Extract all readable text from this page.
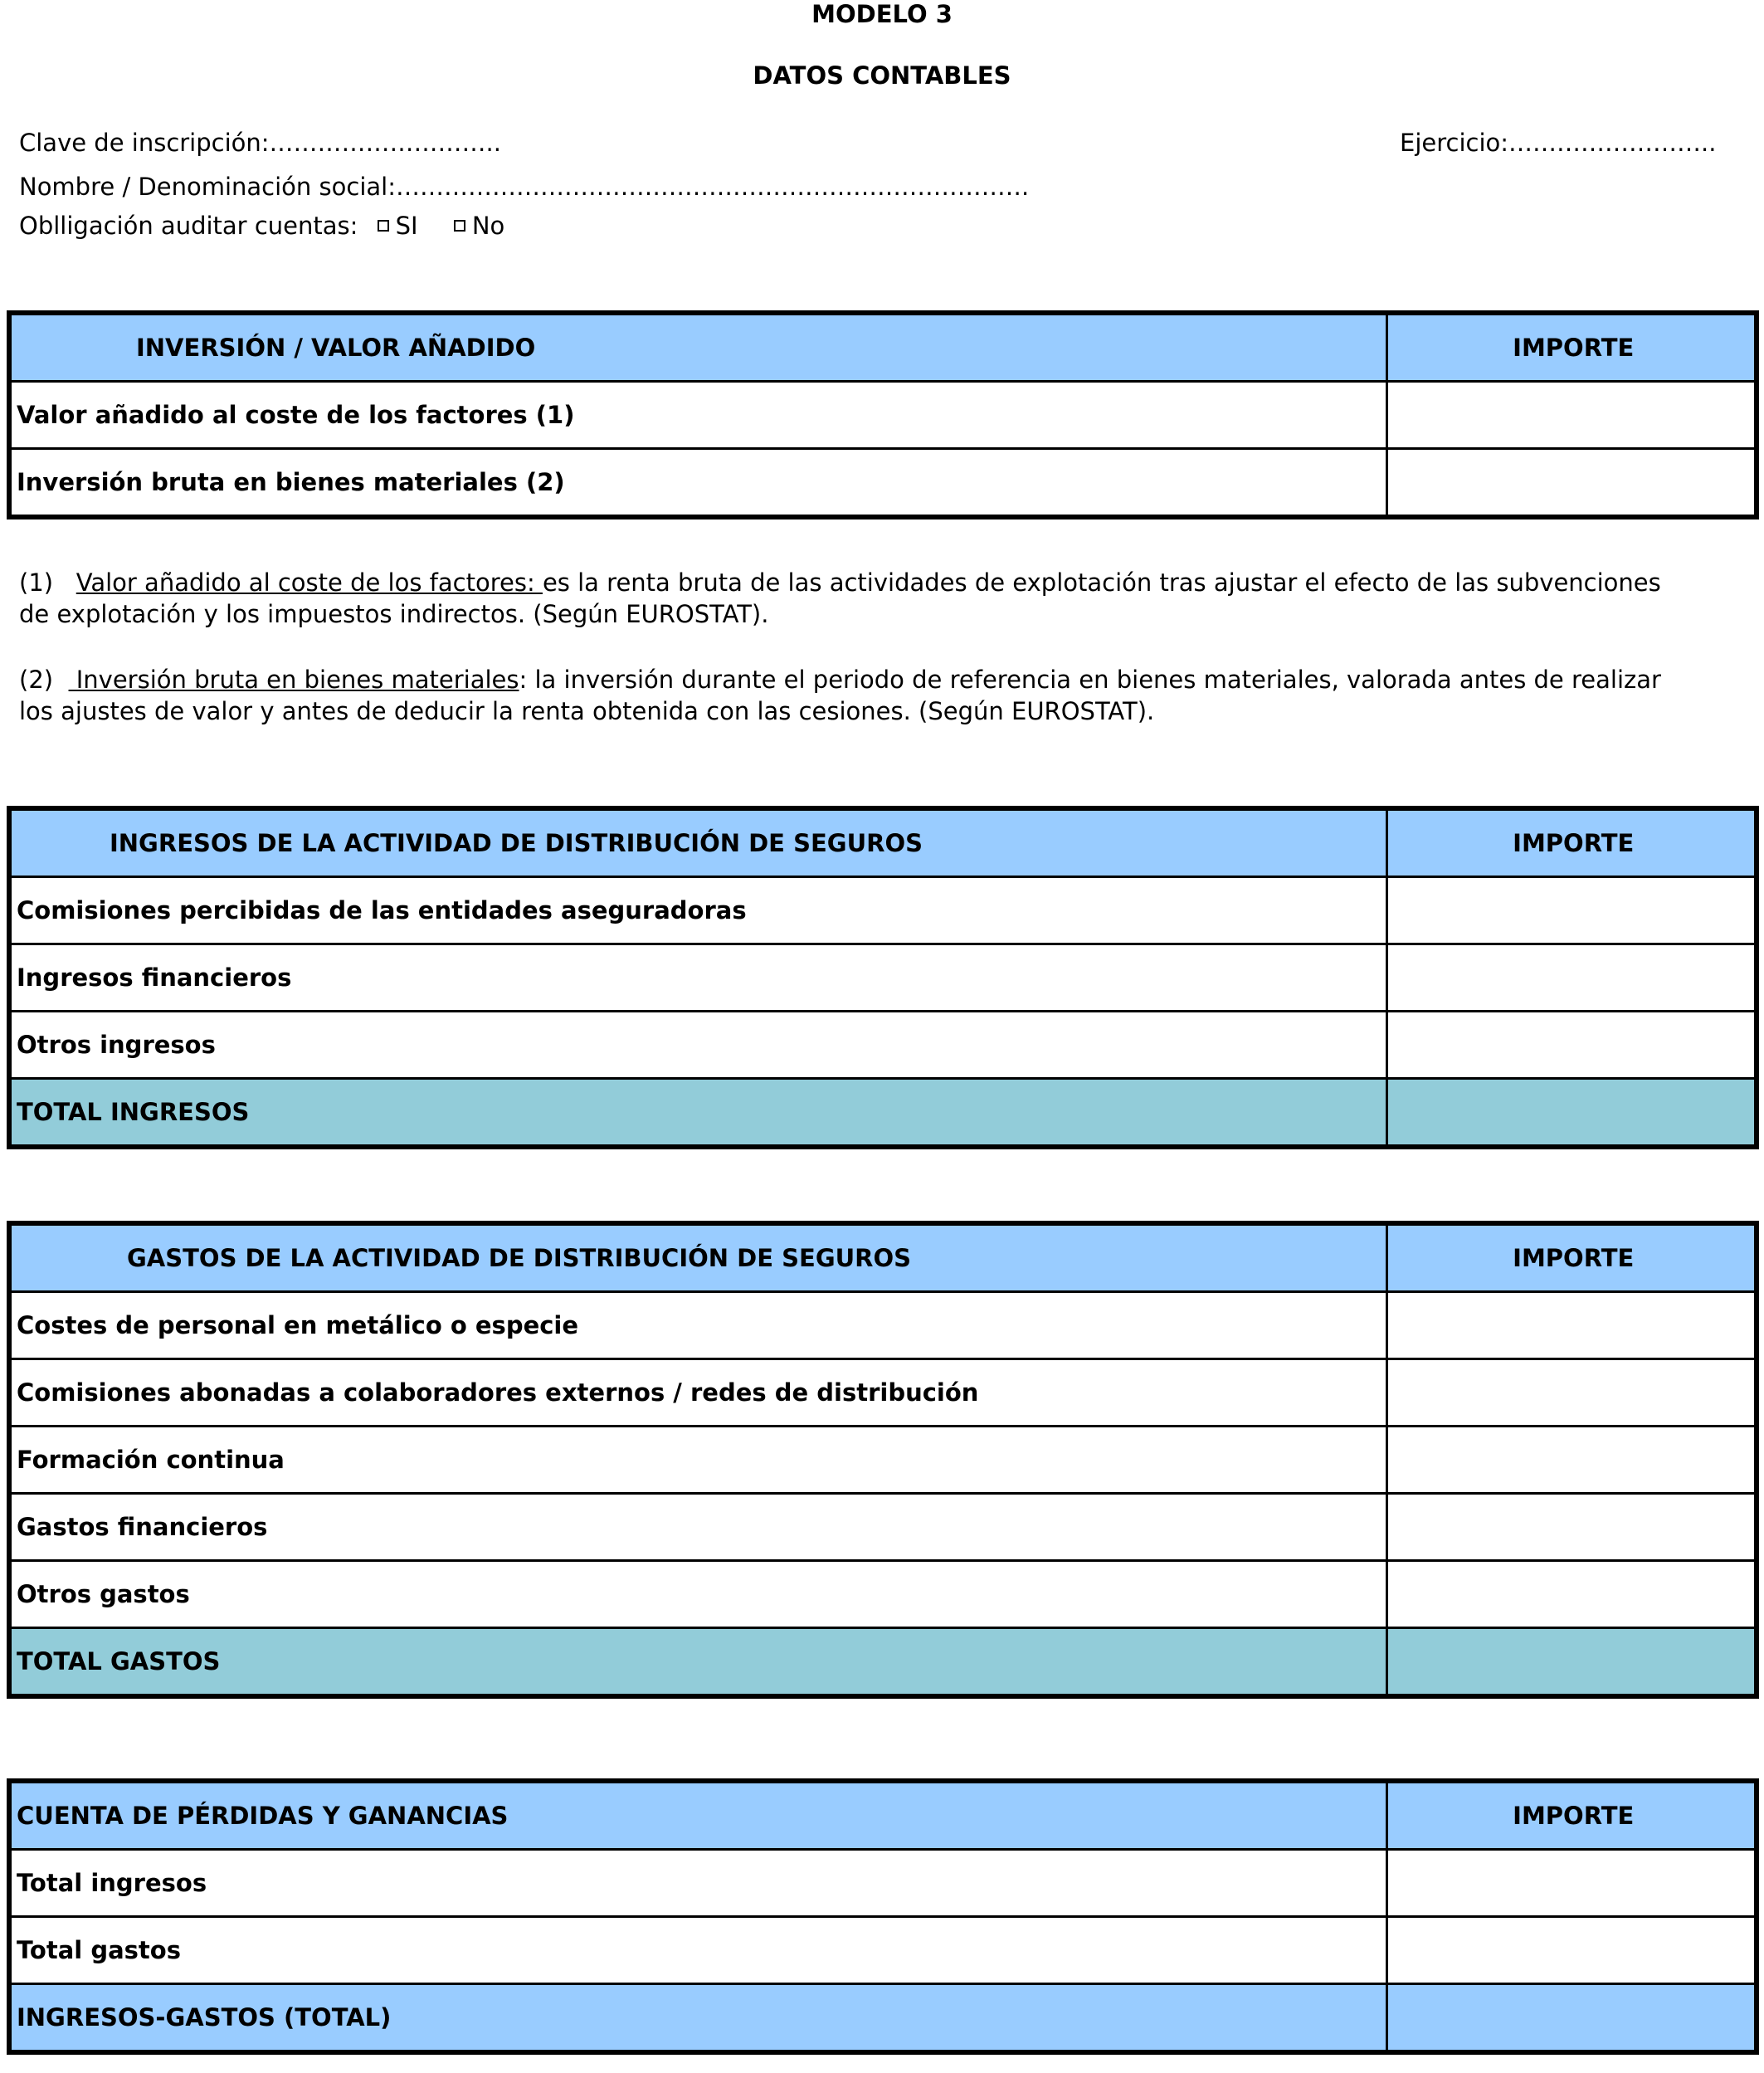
MODELO 3
DATOS CONTABLES
Clave de inscripción:………………………..	Ejercicio:……………………..
Nombre / Denominación social:…………………………………………………………………….
Oblligación auditar cuentas: SI No
INVERSIÓN / VALOR AÑADIDO	IMPORTE
Valor añadido al coste de los factores (1)	
Inversión bruta en bienes materiales (2)	
(1) Valor añadido al coste de los factores: es la renta bruta de las actividades de explotación tras ajustar el efecto de las subvenciones de explotación y los impuestos indirectos. (Según EUROSTAT).
(2)   Inversión bruta en bienes materiales: la inversión durante el periodo de referencia en bienes materiales, valorada antes de realizar los ajustes de valor y antes de deducir la renta obtenida con las cesiones. (Según EUROSTAT).
INGRESOS DE LA ACTIVIDAD DE DISTRIBUCIÓN DE SEGUROS	IMPORTE
Comisiones percibidas de las entidades aseguradoras	
Ingresos financieros	
Otros ingresos	
TOTAL INGRESOS	
GASTOS DE LA ACTIVIDAD DE DISTRIBUCIÓN DE SEGUROS	IMPORTE
Costes de personal en metálico o especie	
Comisiones abonadas a colaboradores externos / redes de distribución	
Formación continua	
Gastos financieros	
Otros gastos	
TOTAL GASTOS	
CUENTA DE PÉRDIDAS Y GANANCIAS	IMPORTE
Total ingresos	
Total gastos	
INGRESOS-GASTOS (TOTAL)	
